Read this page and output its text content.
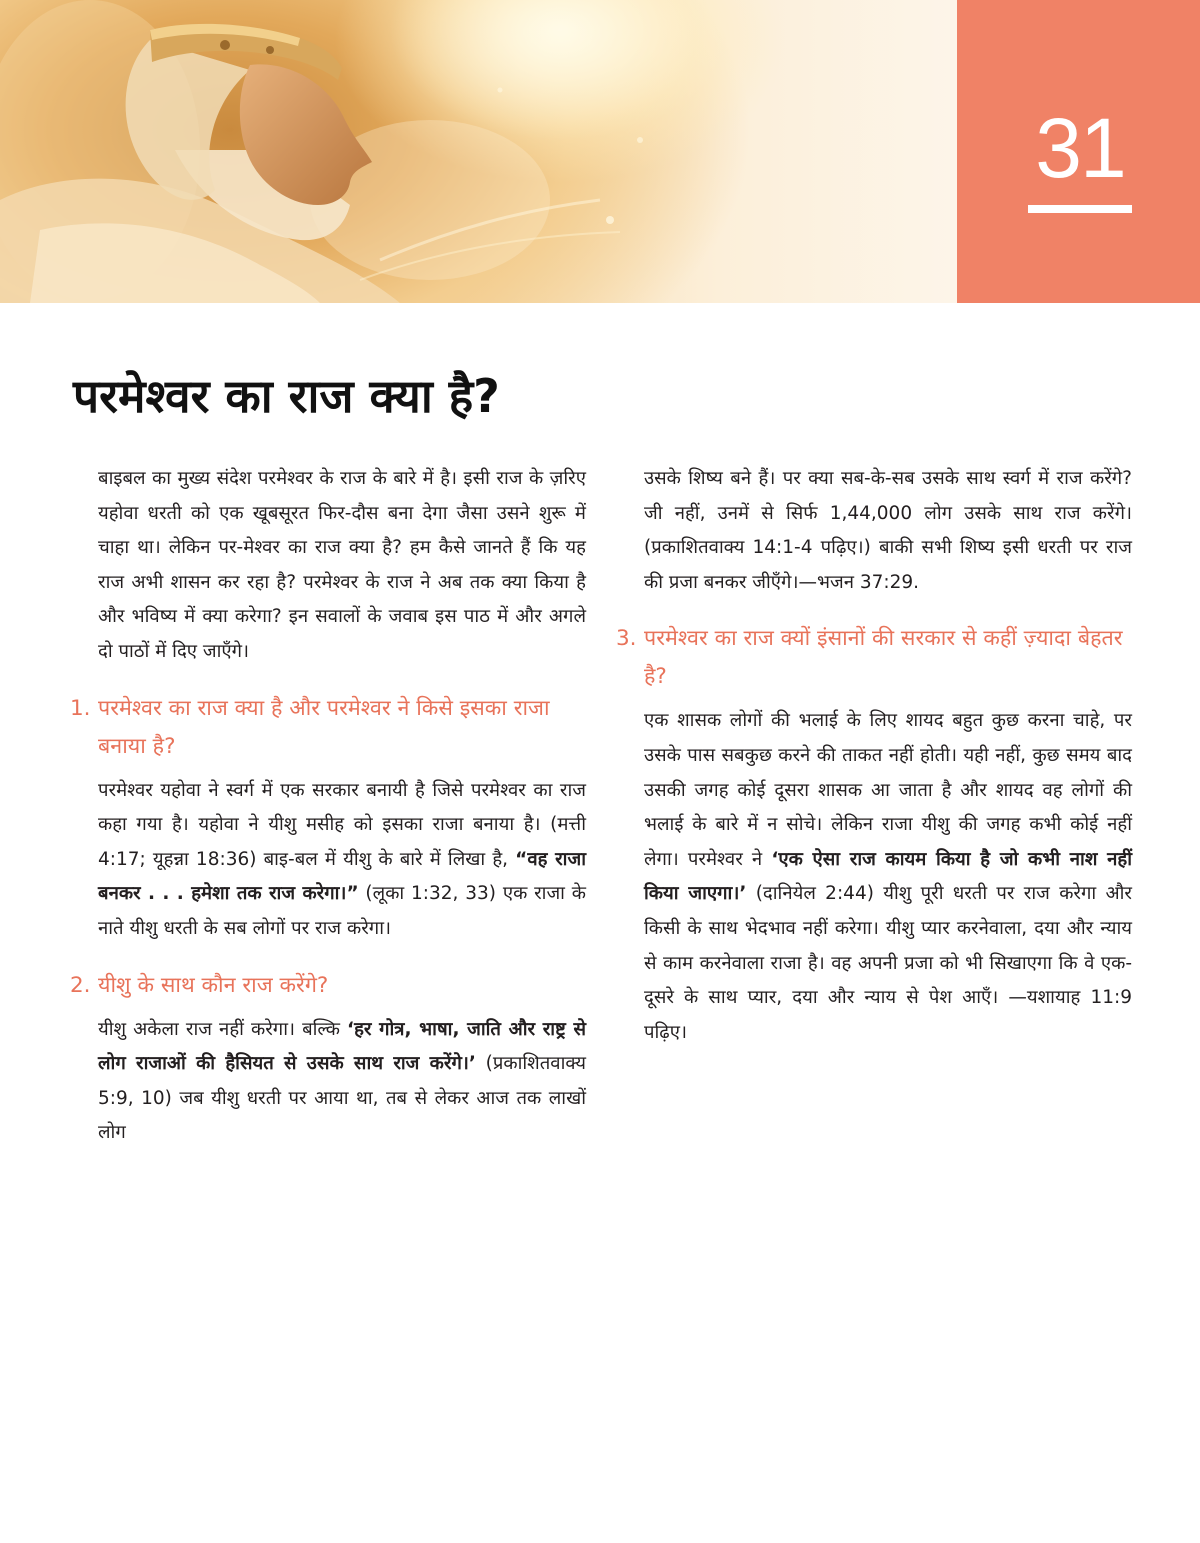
31
परमेश्वर का राज क्या है?

बाइबल का मुख्य संदेश परमेश्वर के राज के बारे में है। इसी राज के ज़रिए यहोवा धरती को एक खूबसूरत फिर-दौस बना देगा जैसा उसने शुरू में चाहा था। लेकिन पर-मेश्वर का राज क्या है? हम कैसे जानते हैं कि यह राज अभी शासन कर रहा है? परमेश्वर के राज ने अब तक क्या किया है और भविष्य में क्या करेगा? इन सवालों के जवाब इस पाठ में और अगले दो पाठों में दिए जाएँगे।

1. परमेश्वर का राज क्या है और परमेश्वर ने किसे इसका राजा बनाया है?

परमेश्वर यहोवा ने स्वर्ग में एक सरकार बनायी है जिसे परमेश्वर का राज कहा गया है। यहोवा ने यीशु मसीह को इसका राजा बनाया है। (मत्ती 4:17; यूहन्ना 18:36) बाइ-बल में यीशु के बारे में लिखा है, “वह राजा बनकर . . . हमेशा तक राज करेगा।” (लूका 1:32, 33) एक राजा के नाते यीशु धरती के सब लोगों पर राज करेगा।

2. यीशु के साथ कौन राज करेंगे?

यीशु अकेला राज नहीं करेगा। बल्कि ‘हर गोत्र, भाषा, जाति और राष्ट्र से लोग राजाओं की हैसियत से उसके साथ राज करेंगे।’ (प्रकाशितवाक्य 5:9, 10) जब यीशु धरती पर आया था, तब से लेकर आज तक लाखों लोग

उसके शिष्य बने हैं। पर क्या सब-के-सब उसके साथ स्वर्ग में राज करेंगे? जी नहीं, उनमें से सिर्फ 1,44,000 लोग उसके साथ राज करेंगे। (प्रकाशितवाक्य 14:1-4 पढ़िए।) बाकी सभी शिष्य इसी धरती पर राज की प्रजा बनकर जीएँगे।—भजन 37:29.

3. परमेश्वर का राज क्यों इंसानों की सरकार से कहीं ज़्यादा बेहतर है?

एक शासक लोगों की भलाई के लिए शायद बहुत कुछ करना चाहे, पर उसके पास सबकुछ करने की ताकत नहीं होती। यही नहीं, कुछ समय बाद उसकी जगह कोई दूसरा शासक आ जाता है और शायद वह लोगों की भलाई के बारे में न सोचे। लेकिन राजा यीशु की जगह कभी कोई नहीं लेगा। परमेश्वर ने ‘एक ऐसा राज कायम किया है जो कभी नाश नहीं किया जाएगा।’ (दानियेल 2:44) यीशु पूरी धरती पर राज करेगा और किसी के साथ भेदभाव नहीं करेगा। यीशु प्यार करनेवाला, दया और न्याय से काम करनेवाला राजा है। वह अपनी प्रजा को भी सिखाएगा कि वे एक-दूसरे के साथ प्यार, दया और न्याय से पेश आएँ। —यशायाह 11:9 पढ़िए।
